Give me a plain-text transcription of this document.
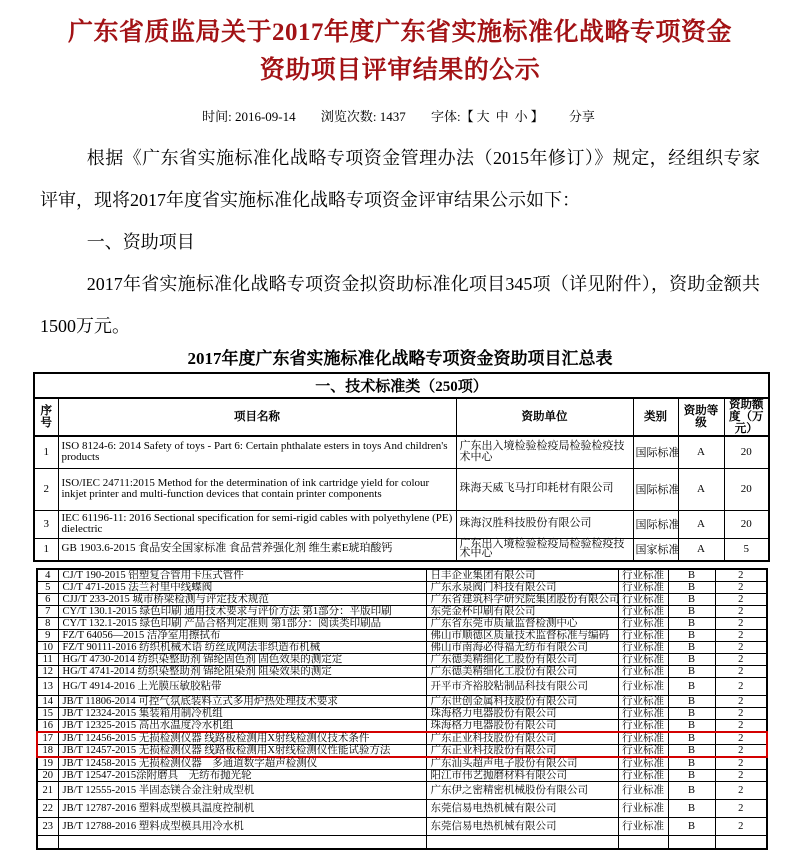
广东省质监局关于2017年度广东省实施标准化战略专项资金
资助项目评审结果的公示
时间: 2016-09-14 浏览次数: 1437 字体:【 大 中 小 】 分享

根据《广东省实施标准化战略专项资金管理办法（2015年修订）》规定，经组织专家评审，现将2017年度省实施标准化战略专项资金评审结果公示如下：

一、资助项目

2017年省实施标准化战略专项资金拟资助标准化项目345项（详见附件），资助金额共1500万元。

2017年度广东省实施标准化战略专项资金资助项目汇总表
一、技术标准类（250项）					
序号	项目名称	资助单位	类别	资助等级	资助额度（万元）
1	ISO 8124-6: 2014 Safety of toys - Part 6: Certain phthalate esters in toys And children's products	广东出入境检验检疫局检验检疫技术中心	国际标准	A	20
2	ISO/IEC 24711:2015 Method for the determination of ink cartridge yield for colour inkjet printer and multi-function devices that contain printer components	珠海天威飞马打印耗材有限公司	国际标准	A	20
3	IEC 61196-11: 2016 Sectional specification for semi-rigid cables with polyethylene (PE) dielectric	珠海汉胜科技股份有限公司	国际标准	A	20
1	GB 1903.6-2015 食品安全国家标准 食品营养强化剂 维生素E琥珀酸钙	广东出入境检验检疫局检验检疫技术中心	国家标准	A	5
4	CJ/T 190-2015 铝塑复合管用卡压式管件	日丰企业集团有限公司	行业标准	B	2
5	CJ/T 471-2015 法兰衬里中线蝶阀	广东永泉阀门科技有限公司	行业标准	B	2
6	CJJ/T 233-2015 城市桥梁检测与评定技术规范	广东省建筑科学研究院集团股份有限公司	行业标准	B	2
7	CY/T 130.1-2015 绿色印刷 通用技术要求与评价方法 第1部分：平版印刷	东莞金杯印刷有限公司	行业标准	B	2
8	CY/T 132.1-2015 绿色印刷 产品合格判定准则 第1部分：阅读类印刷品	广东省东莞市质量监督检测中心	行业标准	B	2
9	FZ/T 64056—2015 洁净室用擦拭布	佛山市顺德区质量技术监督标准与编码	行业标准	B	2
10	FZ/T 90111-2016 纺织机械术语 纺丝成网法非织造布机械	佛山市南海必得福无纺布有限公司	行业标准	B	2
11	HG/T 4730-2014 纺织染整助剂 锦纶固色剂 固色效果的测定定	广东德美精细化工股份有限公司	行业标准	B	2
12	HG/T 4741-2014 纺织染整助剂 锦纶阻染剂 阻染效果的测定	广东德美精细化工股份有限公司	行业标准	B	2
13	HG/T 4914-2016 上光膜压敏胶粘带	开平市齐裕胶粘制品科技有限公司	行业标准	B	2
14	JB/T 11806-2014 可控气氛底装料立式多用炉热处理技术要求	广东世创金属科技股份有限公司	行业标准	B	2
15	JB/T 12324-2015 集装箱用制冷机组	珠海格力电器股份有限公司	行业标准	B	2
16	JB/T 12325-2015 高出水温度冷水机组	珠海格力电器股份有限公司	行业标准	B	2
17	JB/T 12456-2015 无损检测仪器 线路板检测用X射线检测仪技术条件	广东正业科技股份有限公司	行业标准	B	2
18	JB/T 12457-2015 无损检测仪器 线路板检测用X射线检测仪性能试验方法	广东正业科技股份有限公司	行业标准	B	2
19	JB/T 12458-2015 无损检测仪器　多通道数字超声检测仪	广东汕头超声电子股份有限公司	行业标准	B	2
20	JB/T 12547-2015涂附磨具　无纺布抛光轮	阳江市伟艺抛磨材料有限公司	行业标准	B	2
21	JB/T 12555-2015 半固态镁合金注射成型机	广东伊之密精密机械股份有限公司	行业标准	B	2
22	JB/T 12787-2016 塑料成型模具温度控制机	东莞信易电热机械有限公司	行业标准	B	2
23	JB/T 12788-2016 塑料成型模具用冷水机	东莞信易电热机械有限公司	行业标准	B	2
